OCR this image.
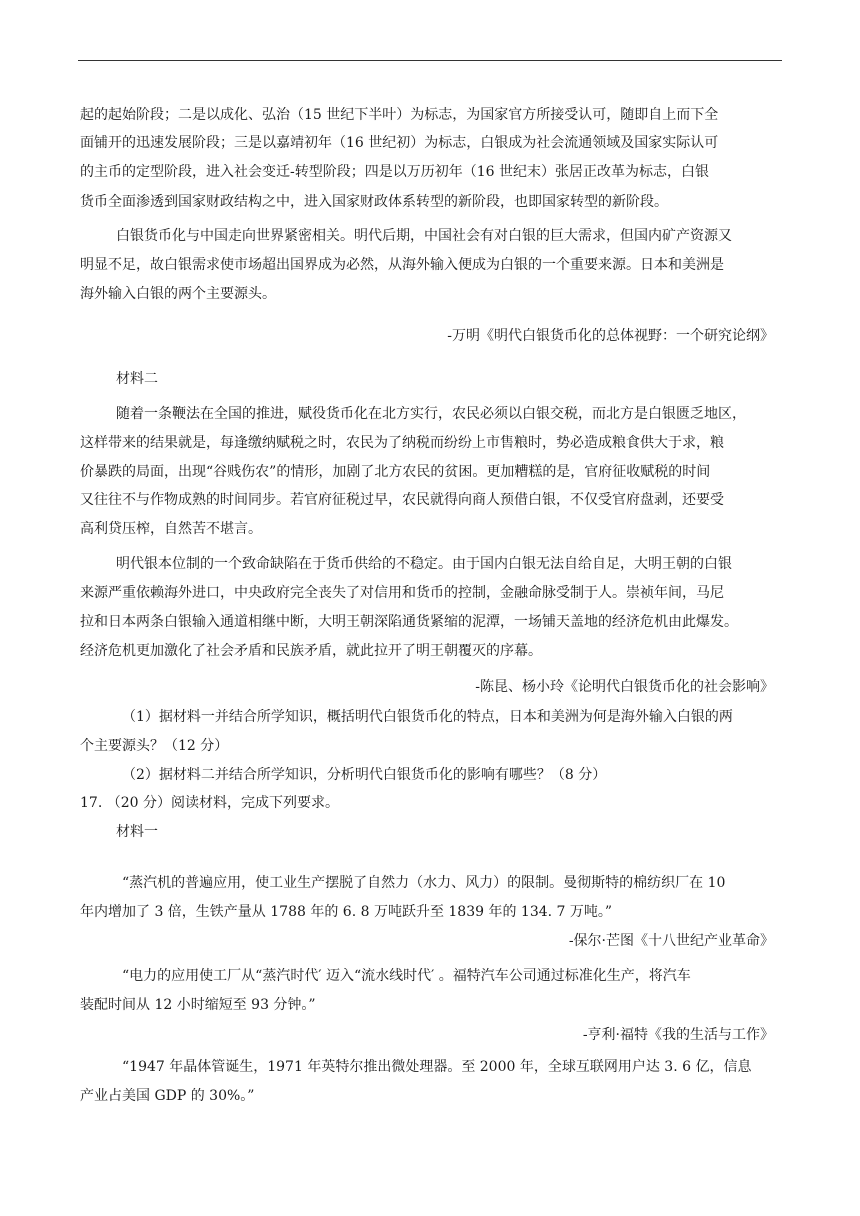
起的起始阶段；二是以成化、弘治（15 世纪下半叶）为标志，为国家官方所接受认可，随即自上而下全
面铺开的迅速发展阶段；三是以嘉靖初年（16 世纪初）为标志，白银成为社会流通领域及国家实际认可
的主币的定型阶段，进入社会变迁-转型阶段；四是以万历初年（16 世纪末）张居正改革为标志，白银
货币全面渗透到国家财政结构之中，进入国家财政体系转型的新阶段，也即国家转型的新阶段。
白银货币化与中国走向世界紧密相关。明代后期，中国社会有对白银的巨大需求，但国内矿产资源又
明显不足，故白银需求使市场超出国界成为必然，从海外输入便成为白银的一个重要来源。日本和美洲是
海外输入白银的两个主要源头。
-万明《明代白银货币化的总体视野：一个研究论纲》
材料二
随着一条鞭法在全国的推进，赋役货币化在北方实行，农民必须以白银交税，而北方是白银匮乏地区，
这样带来的结果就是，每逢缴纳赋税之时，农民为了纳税而纷纷上市售粮时，势必造成粮食供大于求，粮
价暴跌的局面，出现“谷贱伤农”的情形，加剧了北方农民的贫困。更加糟糕的是，官府征收赋税的时间
又往往不与作物成熟的时间同步。若官府征税过早，农民就得向商人预借白银，不仅受官府盘剥，还要受
高利贷压榨，自然苦不堪言。
明代银本位制的一个致命缺陷在于货币供给的不稳定。由于国内白银无法自给自足，大明王朝的白银
来源严重依赖海外进口，中央政府完全丧失了对信用和货币的控制，金融命脉受制于人。崇祯年间，马尼
拉和日本两条白银输入通道相继中断，大明王朝深陷通货紧缩的泥潭，一场铺天盖地的经济危机由此爆发。
经济危机更加激化了社会矛盾和民族矛盾，就此拉开了明王朝覆灭的序幕。
-陈昆、杨小玲《论明代白银货币化的社会影响》
（1）据材料一并结合所学知识，概括明代白银货币化的特点，日本和美洲为何是海外输入白银的两
个主要源头？（12 分）
（2）据材料二并结合所学知识，分析明代白银货币化的影响有哪些？（8 分）
17. （20 分）阅读材料，完成下列要求。
材料一
“蒸汽机的普遍应用，使工业生产摆脱了自然力（水力、风力）的限制。曼彻斯特的棉纺织厂在 10
年内增加了 3 倍，生铁产量从 1788 年的 6. 8 万吨跃升至 1839 年的 134. 7 万吨。”
-保尔·芒图《十八世纪产业革命》
“电力的应用使工厂从“蒸汽时代′ 迈入“流水线时代′ 。福特汽车公司通过标准化生产，将汽车
装配时间从 12 小时缩短至 93 分钟。”
-亨利·福特《我的生活与工作》
“1947 年晶体管诞生，1971 年英特尔推出微处理器。至 2000 年，全球互联网用户达 3. 6 亿，信息
产业占美国 GDP 的 30%。”
